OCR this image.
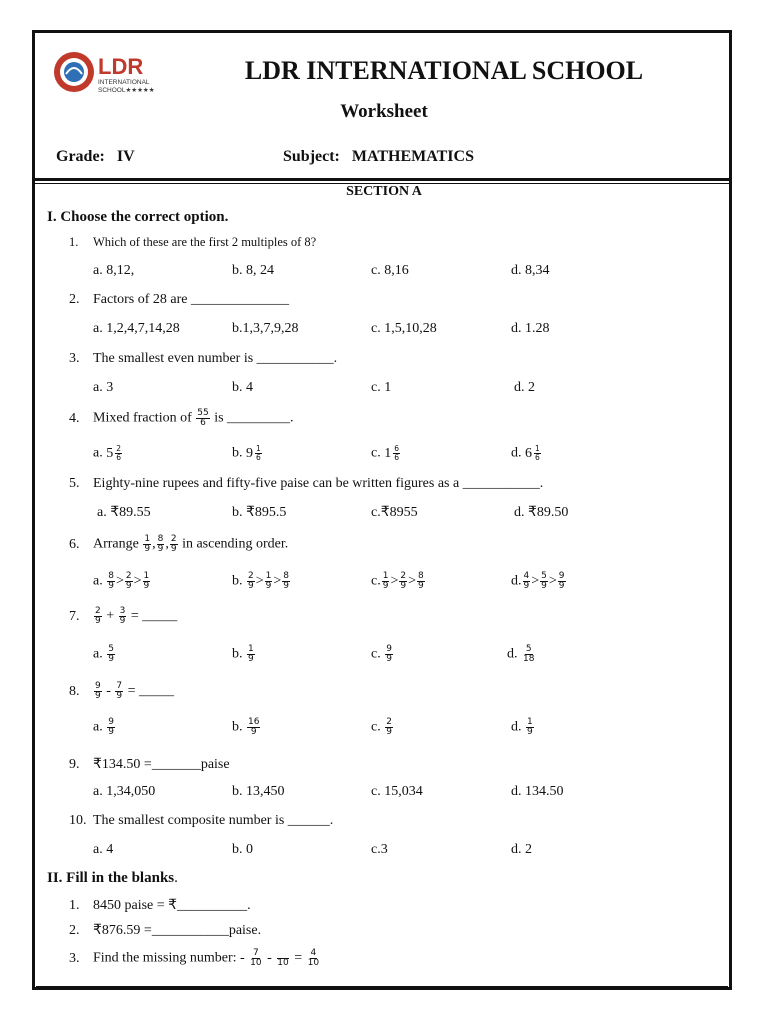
LDR
INTERNATIONAL
SCHOOL★★★★★
LDR INTERNATIONAL SCHOOL
Worksheet
Grade: IV	Subject: MATHEMATICS
SECTION A
I. Choose the correct option.
1. Which of these are the first 2 multiples of 8?
a. 8,12,	b. 8, 24	c. 8,16	d. 8,34
2. Factors of 28 are ______________
a. 1,2,4,7,14,28	b.1,3,7,9,28	c. 1,5,10,28	d. 1.28
3. The smallest even number is ___________.
a. 3	b. 4	c. 1	d. 2
4. Mixed fraction of $\frac{55}{6}$ is _________.
a. $5 \frac{2}{6}$	b. $9 \frac{1}{6}$	c. $1 \frac{6}{6}$	d. $6 \frac{1}{6}$
5. Eighty-nine rupees and fifty-five paise can be written figures as a ___________.
a. ₹89.55	b. ₹895.5	c.₹8955	d. ₹89.50
6. Arrange $\frac{1}{9}$ , $\frac{8}{9}$ , $\frac{2}{9}$ in ascending order.
a. $\frac{8}{9} > \frac{2}{9} > \frac{1}{9}$	b. $\frac{2}{9} > \frac{1}{9} > \frac{8}{9}$	c. $\frac{1}{9} > \frac{2}{9} > \frac{8}{9}$	d. $\frac{4}{9} > \frac{5}{9} > \frac{9}{9}$
7. $\frac{2}{9} + \frac{3}{9}$ = _____
a. $\frac{5}{9}$	b. $\frac{1}{9}$	c. $\frac{9}{9}$	d. $\frac{5}{18}$
8. $\frac{9}{9} - \frac{7}{9}$ = _____
a. $\frac{9}{9}$	b. $\frac{16}{9}$	c. $\frac{2}{9}$	d. $\frac{1}{9}$
9. ₹134.50 =_______paise
a. 1,34,050	b. 13,450	c. 15,034	d. 134.50
10. The smallest composite number is ______.
a. 4	b. 0	c.3	d. 2
II. Fill in the blanks.
1. 8450 paise = ₹__________.
2. ₹876.59 =___________paise.
3. Find the missing number: - $\frac{7}{10} - 10 = \frac{4}{10}$
